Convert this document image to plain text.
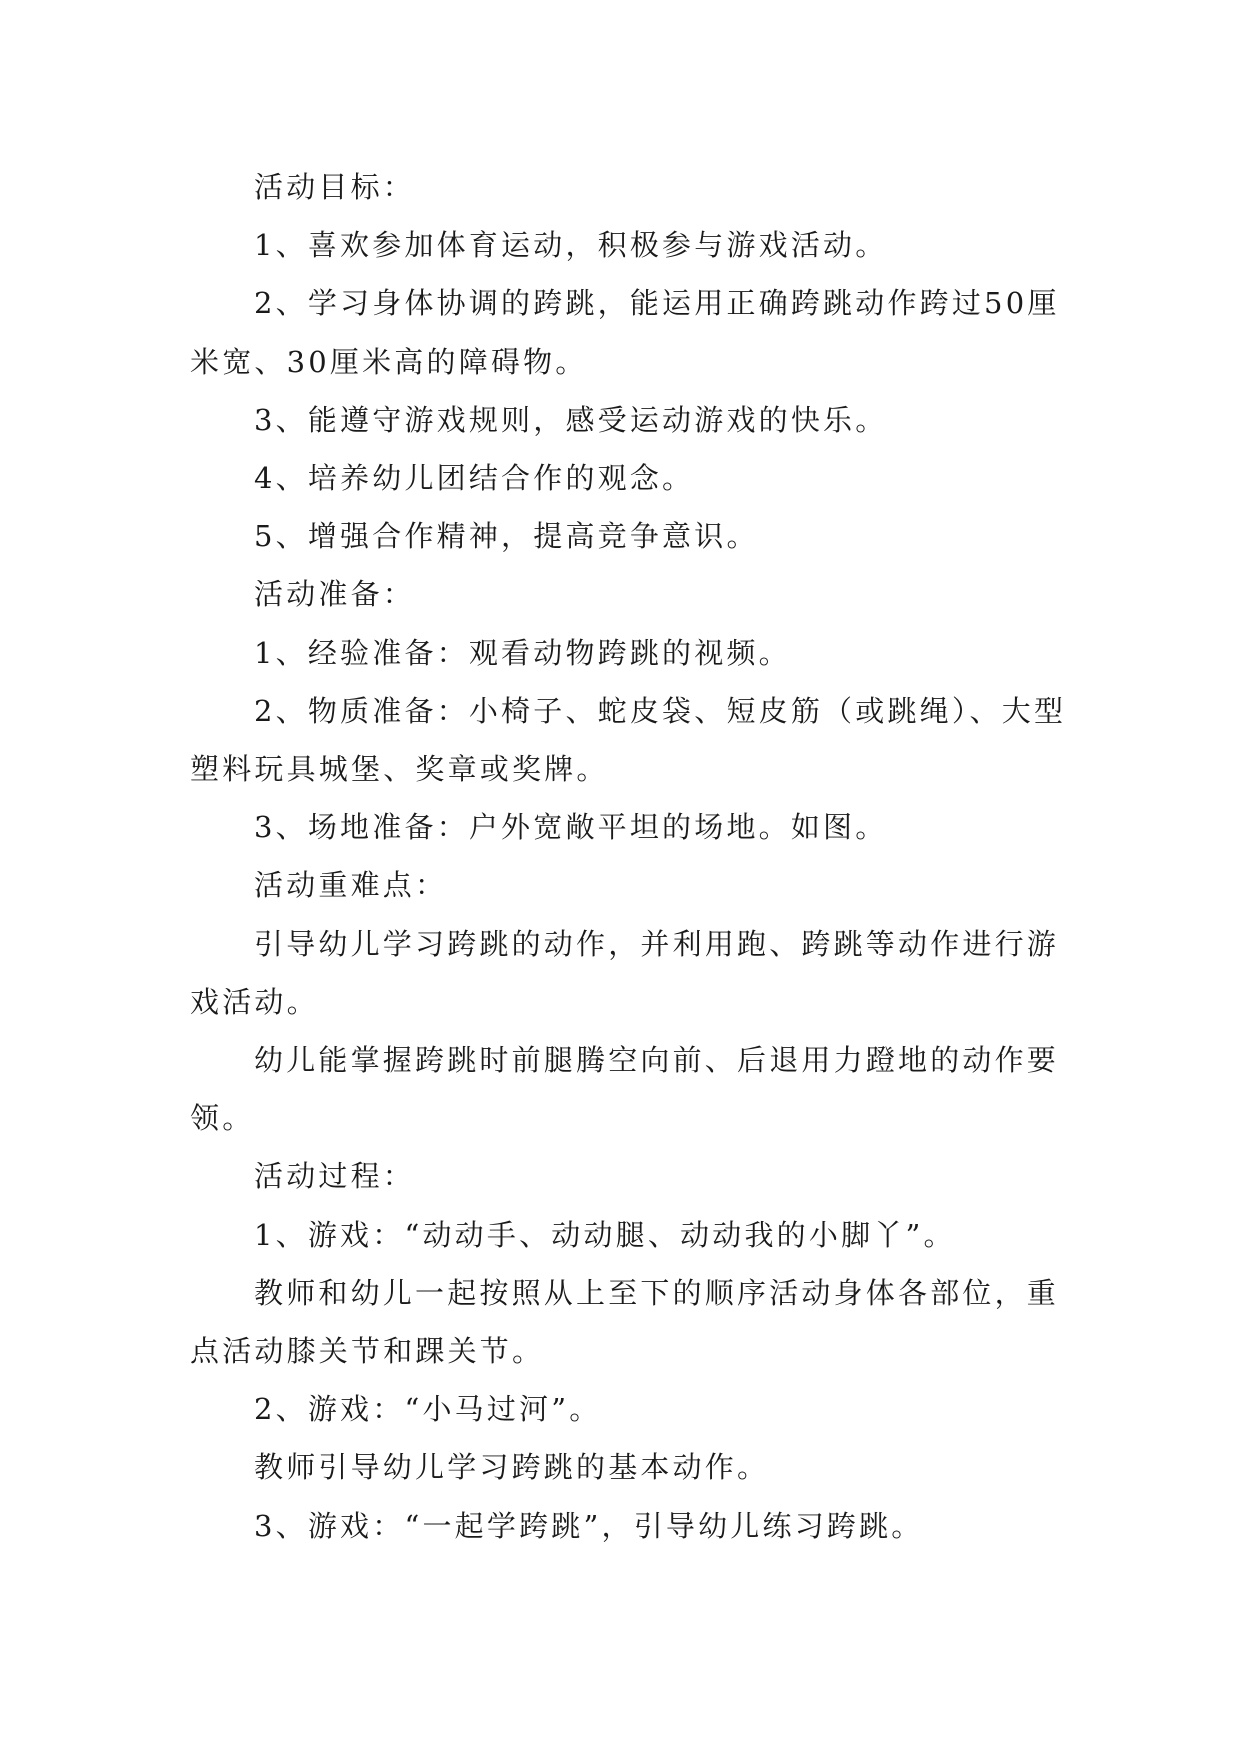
活动目标：

1、喜欢参加体育运动，积极参与游戏活动。

2、学习身体协调的跨跳，能运用正确跨跳动作跨过50厘米宽、30厘米高的障碍物。

3、能遵守游戏规则，感受运动游戏的快乐。

4、培养幼儿团结合作的观念。

5、增强合作精神，提高竞争意识。

活动准备：

1、经验准备：观看动物跨跳的视频。

2、物质准备：小椅子、蛇皮袋、短皮筋（或跳绳）、大型塑料玩具城堡、奖章或奖牌。

3、场地准备：户外宽敞平坦的场地。如图。

活动重难点：

引导幼儿学习跨跳的动作，并利用跑、跨跳等动作进行游戏活动。

幼儿能掌握跨跳时前腿腾空向前、后退用力蹬地的动作要领。

活动过程：

1、游戏：“动动手、动动腿、动动我的小脚丫”。

教师和幼儿一起按照从上至下的顺序活动身体各部位，重点活动膝关节和踝关节。

2、游戏：“小马过河”。

教师引导幼儿学习跨跳的基本动作。

3、游戏：“一起学跨跳”，引导幼儿练习跨跳。
